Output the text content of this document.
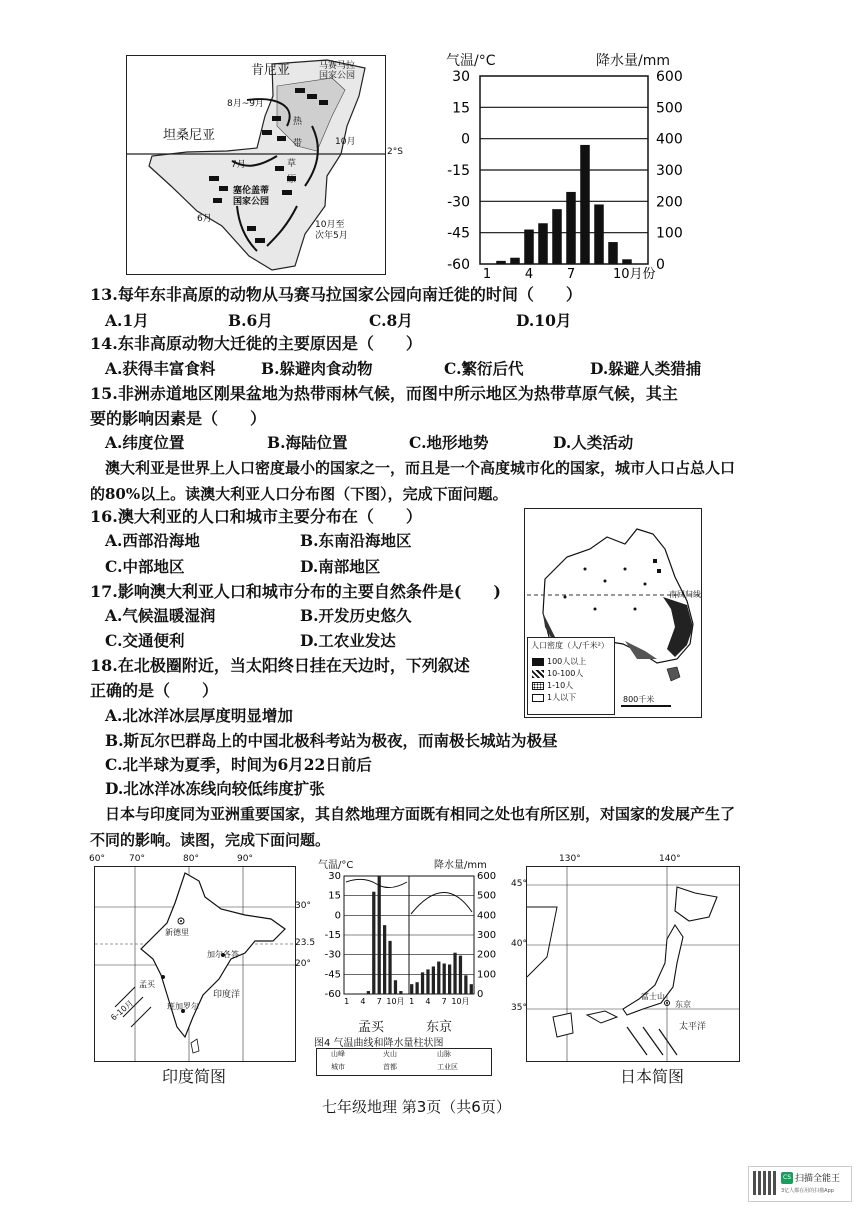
肯尼亚	马赛马拉
国家公园
坦桑尼亚
8月~9月
热
带	10月
2°S
7月	草
原
塞伦盖蒂
国家公园
6月
10月至
次年5月
气温/°C	降水量/mm
30	600
15	500
0	400
-15	300
-30	200
-45	100
-60	0
1	4	7	10月份
13.每年东非高原的动物从马赛马拉国家公园向南迁徙的时间（　　）
A.1月	B.6月	C.8月	D.10月
14.东非高原动物大迁徙的主要原因是（　　）
A.获得丰富食料	B.躲避肉食动物	C.繁衍后代	D.躲避人类猎捕
15.非洲赤道地区刚果盆地为热带雨林气候，而图中所示地区为热带草原气候，其主
要的影响因素是（　　）
A.纬度位置	B.海陆位置	C.地形地势	D.人类活动
澳大利亚是世界上人口密度最小的国家之一，而且是一个高度城市化的国家，城市人口占总人口的80%以上。读澳大利亚人口分布图（下图），完成下面问题。
16.澳大利亚的人口和城市主要分布在（　　）
A.西部沿海地	B.东南沿海地区
C.中部地区	D.南部地区
17.影响澳大利亚人口和城市分布的主要自然条件是(　　)
A.气候温暖湿润	B.开发历史悠久
C.交通便利	D.工农业发达
18.在北极圈附近，当太阳终日挂在天边时，下列叙述
正确的是（　　）
A.北冰洋冰层厚度明显增加
B.斯瓦尔巴群岛上的中国北极科考站为极夜，而南极长城站为极昼
C.北半球为夏季，时间为6月22日前后
D.北冰洋冰冻线向较低纬度扩张
南回归线
人口密度（人/千米²）
100人以上
10-100人
1-10人
1人以下	800千米
日本与印度同为亚洲重要国家，其自然地理方面既有相同之处也有所区别，对国家的发展产生了不同的影响。读图，完成下面问题。
60°	70°	80°	90°
30°
23.5
20°
新德里
加尔各答
孟买
班加罗尔
印度洋
6-10月
印度简图
气温/°C	降水量/mm
30	600
15	500
0	400
-15	300
-30	200
-45	100
-60	0
1 4 7 10月 1 4 7 10月
孟买	东京
图4 气温曲线和降水量柱状图
山峰	火山	山脉
城市	首都	工业区
130°	140°
45°
40°
35°
富士山
东京
太平洋
日本简图
七年级地理 第3页（共6页）
CS 扫描全能王
3亿人都在用的扫描App
